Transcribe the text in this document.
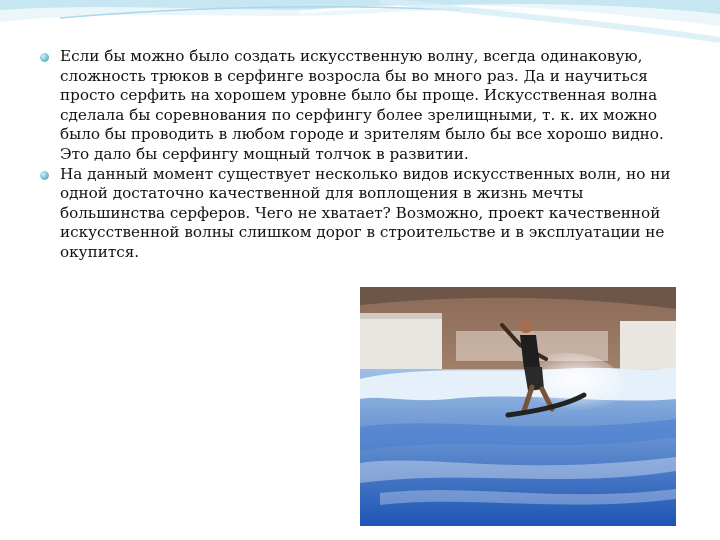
Если бы можно было создать искусственную волну, всегда одинаковую, сложность трюков в серфинге возросла бы во много раз. Да и научиться просто серфить на хорошем уровне было бы проще. Искусственная волна сделала бы соревнования по серфингу более зрелищными, т. к. их можно было бы проводить в любом городе и зрителям было бы все хорошо видно. Это дало бы серфингу мощный толчок в развитии.
На данный момент существует несколько видов искусственных волн, но ни одной достаточно качественной для воплощения в жизнь мечты большинства серферов. Чего не хватает? Возможно, проект качественной искусственной волны слишком дорог в строительстве и в эксплуатации не окупится.
